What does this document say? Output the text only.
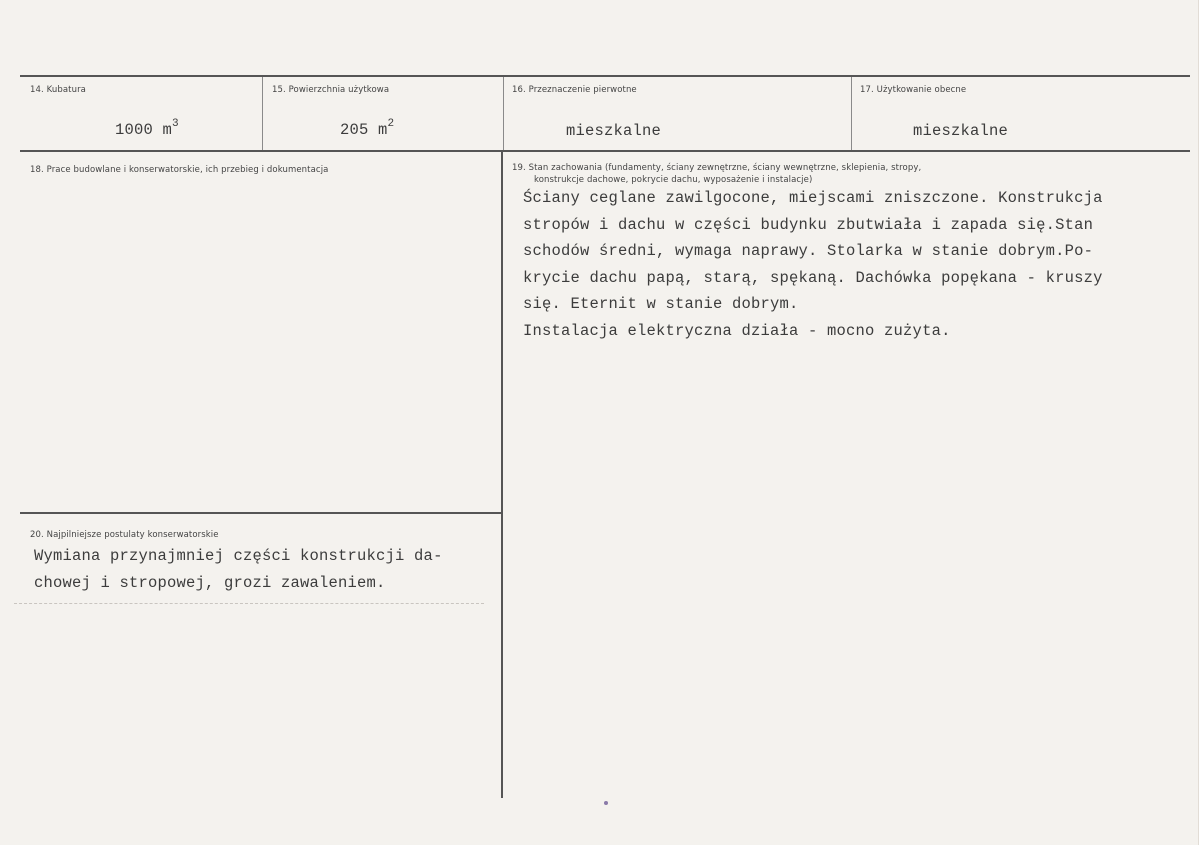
14. Kubatura
1000 $m^3$
15. Powierzchnia użytkowa
205 $m^2$
16. Przeznaczenie pierwotne
mieszkalne
17. Użytkowanie obecne
mieszkalne
18. Prace budowlane i konserwatorskie, ich przebieg i dokumentacja	19. Stan zachowania (fundamenty, ściany zewnętrzne, ściany wewnętrzne, sklepienia, stropy,
konstrukcje dachowe, pokrycie dachu, wyposażenie i instalacje)
Ściany ceglane zawilgocone, miejscami zniszczone. Konstrukcja
stropów i dachu w części budynku zbutwiała i zapada się.Stan
schodów średni, wymaga naprawy. Stolarka w stanie dobrym.Po-
krycie dachu papą, starą, spękaną. Dachówka popękana - kruszy
się. Eternit w stanie dobrym.
Instalacja elektryczna działa - mocno zużyta.
20. Najpilniejsze postulaty konserwatorskie
Wymiana przynajmniej części konstrukcji da-
chowej i stropowej, grozi zawaleniem.
